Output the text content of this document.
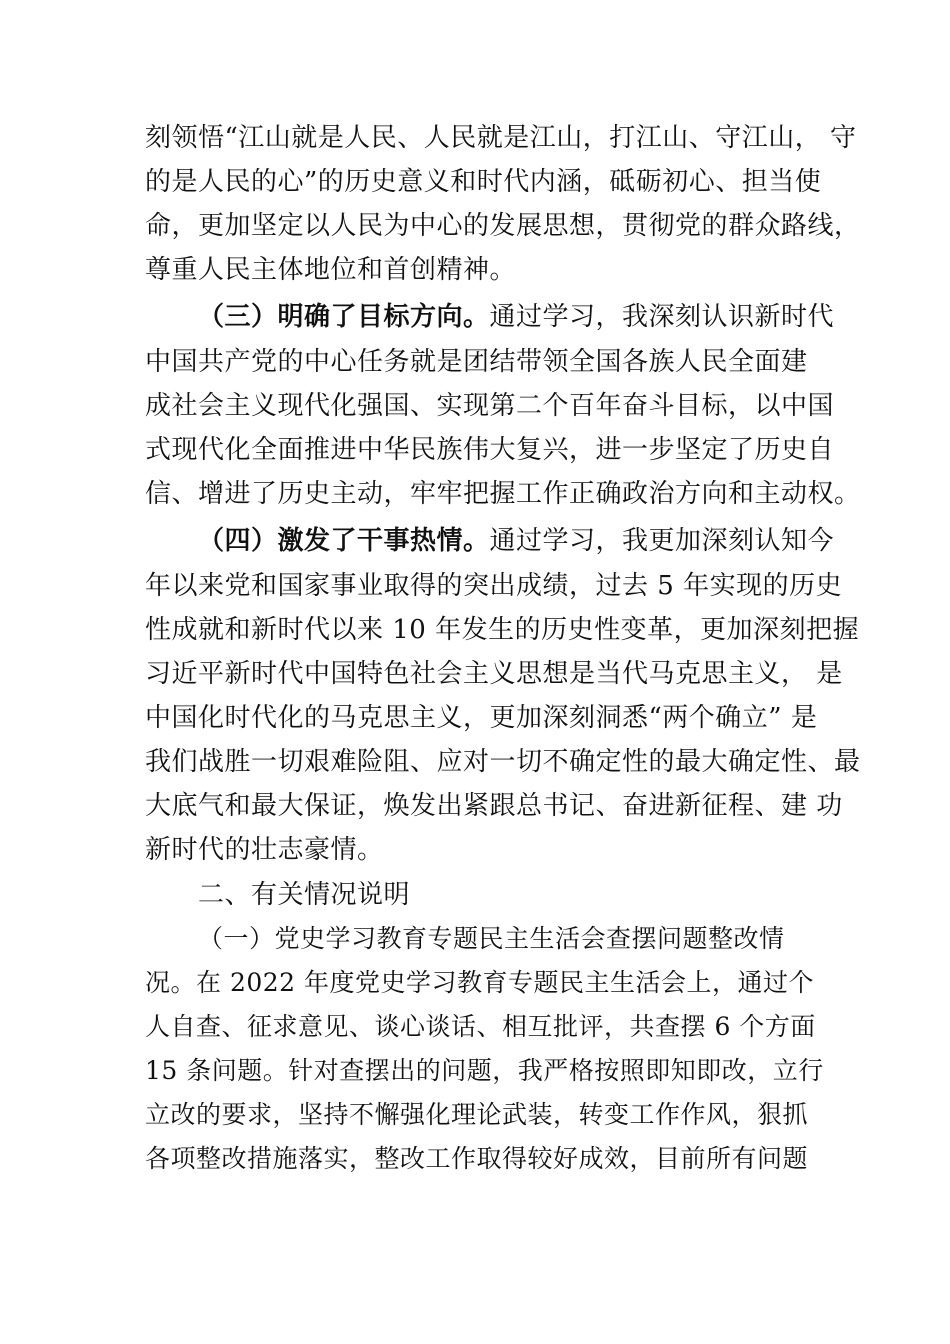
刻领悟“江山就是人民、人民就是江山，打江山、守江山， 守
的是人民的心”的历史意义和时代内涵，砥砺初心、担当使
命，更加坚定以人民为中心的发展思想，贯彻党的群众路线，
尊重人民主体地位和首创精神。
（三）明确了目标方向。通过学习，我深刻认识新时代
中国共产党的中心任务就是团结带领全国各族人民全面建
成社会主义现代化强国、实现第二个百年奋斗目标，以中国
式现代化全面推进中华民族伟大复兴，进一步坚定了历史自
信、增进了历史主动，牢牢把握工作正确政治方向和主动权。
（四）激发了干事热情。通过学习，我更加深刻认知今
年以来党和国家事业取得的突出成绩，过去 5 年实现的历史
性成就和新时代以来 10 年发生的历史性变革，更加深刻把握
习近平新时代中国特色社会主义思想是当代马克思主义， 是
中国化时代化的马克思主义，更加深刻洞悉“两个确立” 是
我们战胜一切艰难险阻、应对一切不确定性的最大确定性、最
大底气和最大保证，焕发出紧跟总书记、奋进新征程、建 功
新时代的壮志豪情。
二、有关情况说明
（一）党史学习教育专题民主生活会查摆问题整改情
况。在 2022 年度党史学习教育专题民主生活会上，通过个
人自查、征求意见、谈心谈话、相互批评，共查摆 6 个方面
15 条问题。针对查摆出的问题，我严格按照即知即改，立行
立改的要求，坚持不懈强化理论武装，转变工作作风，狠抓
各项整改措施落实，整改工作取得较好成效，目前所有问题
